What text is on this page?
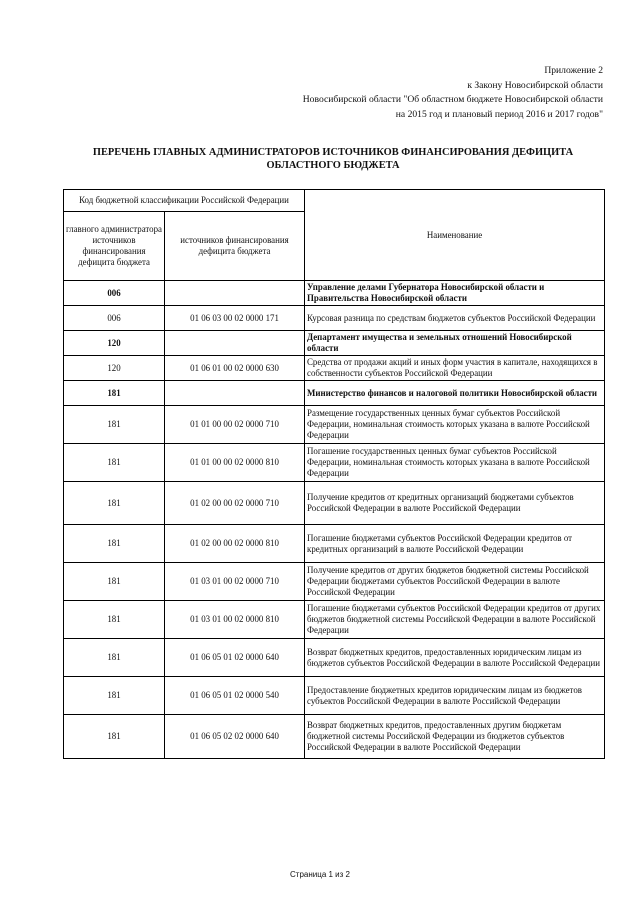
Приложение 2
к Закону Новосибирской области
Новосибирской области "Об областном бюджете Новосибирской области
на 2015 год и плановый период 2016 и 2017 годов"
ПЕРЕЧЕНЬ ГЛАВНЫХ АДМИНИСТРАТОРОВ ИСТОЧНИКОВ ФИНАНСИРОВАНИЯ ДЕФИЦИТА
ОБЛАСТНОГО БЮДЖЕТА
Код бюджетной классификации Российской Федерации		Наименование
главного администратора источников финансирования дефицита бюджета	источников финансирования дефицита бюджета	
006		Управление делами Губернатора Новосибирской области и Правительства Новосибирской области
006	01 06 03 00 02 0000 171	Курсовая разница по средствам бюджетов субъектов Российской Федерации
120		Департамент имущества и земельных отношений Новосибирской области
120	01 06 01 00 02 0000 630	Средства от продажи акций и иных форм участия в капитале, находящихся в собственности субъектов Российской Федерации
181		Министерство финансов и налоговой политики Новосибирской области
181	01 01 00 00 02 0000 710	Размещение государственных ценных бумаг субъектов Российской Федерации, номинальная стоимость которых указана в валюте Российской Федерации
181	01 01 00 00 02 0000 810	Погашение государственных ценных бумаг субъектов Российской Федерации, номинальная стоимость которых указана в валюте Российской Федерации
181	01 02 00 00 02 0000 710	Получение кредитов от кредитных организаций бюджетами субъектов Российской Федерации в валюте Российской Федерации
181	01 02 00 00 02 0000 810	Погашение бюджетами субъектов Российской Федерации кредитов от кредитных организаций в валюте Российской Федерации
181	01 03 01 00 02 0000 710	Получение кредитов от других бюджетов бюджетной системы Российской Федерации бюджетами субъектов Российской Федерации в валюте Российской Федерации
181	01 03 01 00 02 0000 810	Погашение бюджетами субъектов Российской Федерации кредитов от других бюджетов бюджетной системы Российской Федерации в валюте Российской Федерации
181	01 06 05 01 02 0000 640	Возврат бюджетных кредитов, предоставленных юридическим лицам из бюджетов субъектов Российской Федерации в валюте Российской Федерации
181	01 06 05 01 02 0000 540	Предоставление бюджетных кредитов юридическим лицам из бюджетов субъектов Российской Федерации в валюте Российской Федерации
181	01 06 05 02 02 0000 640	Возврат бюджетных кредитов, предоставленных другим бюджетам бюджетной системы Российской Федерации из бюджетов субъектов Российской Федерации в валюте Российской Федерации
Страница 1 из 2
